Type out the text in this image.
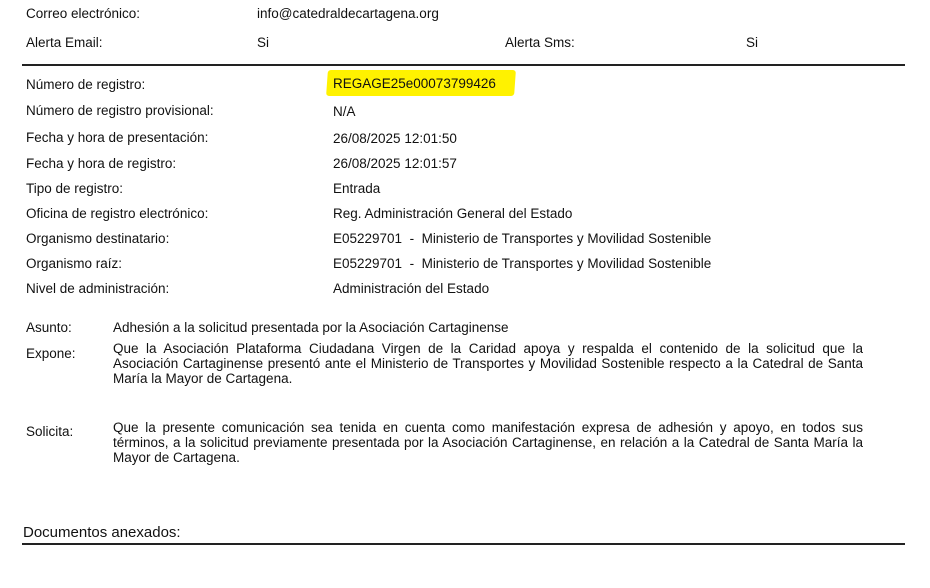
Correo electrónico:	info@catedraldecartagena.org
Alerta Email:	Si	Alerta Sms:	Si
Número de registro:	REGAGE25e00073799426
Número de registro provisional:	N/A
Fecha y hora de presentación:	26/08/2025 12:01:50
Fecha y hora de registro:	26/08/2025 12:01:57
Tipo de registro:	Entrada
Oficina de registro electrónico:	Reg. Administración General del Estado
Organismo destinatario:	E05229701  -  Ministerio de Transportes y Movilidad Sostenible
Organismo raíz:	E05229701  -  Ministerio de Transportes y Movilidad Sostenible
Nivel de administración:	Administración del Estado
Asunto:	Adhesión a la solicitud presentada por la Asociación Cartaginense
Expone:	Que la Asociación Plataforma Ciudadana Virgen de la Caridad apoya y respalda el contenido de la solicitud que la Asociación Cartaginense presentó ante el Ministerio de Transportes y Movilidad Sostenible respecto a la Catedral de Santa María la Mayor de Cartagena.
Solicita:	Que la presente comunicación sea tenida en cuenta como manifestación expresa de adhesión y apoyo, en todos sus términos, a la solicitud previamente presentada por la Asociación Cartaginense, en relación a la Catedral de Santa María la Mayor de Cartagena.
Documentos anexados:
